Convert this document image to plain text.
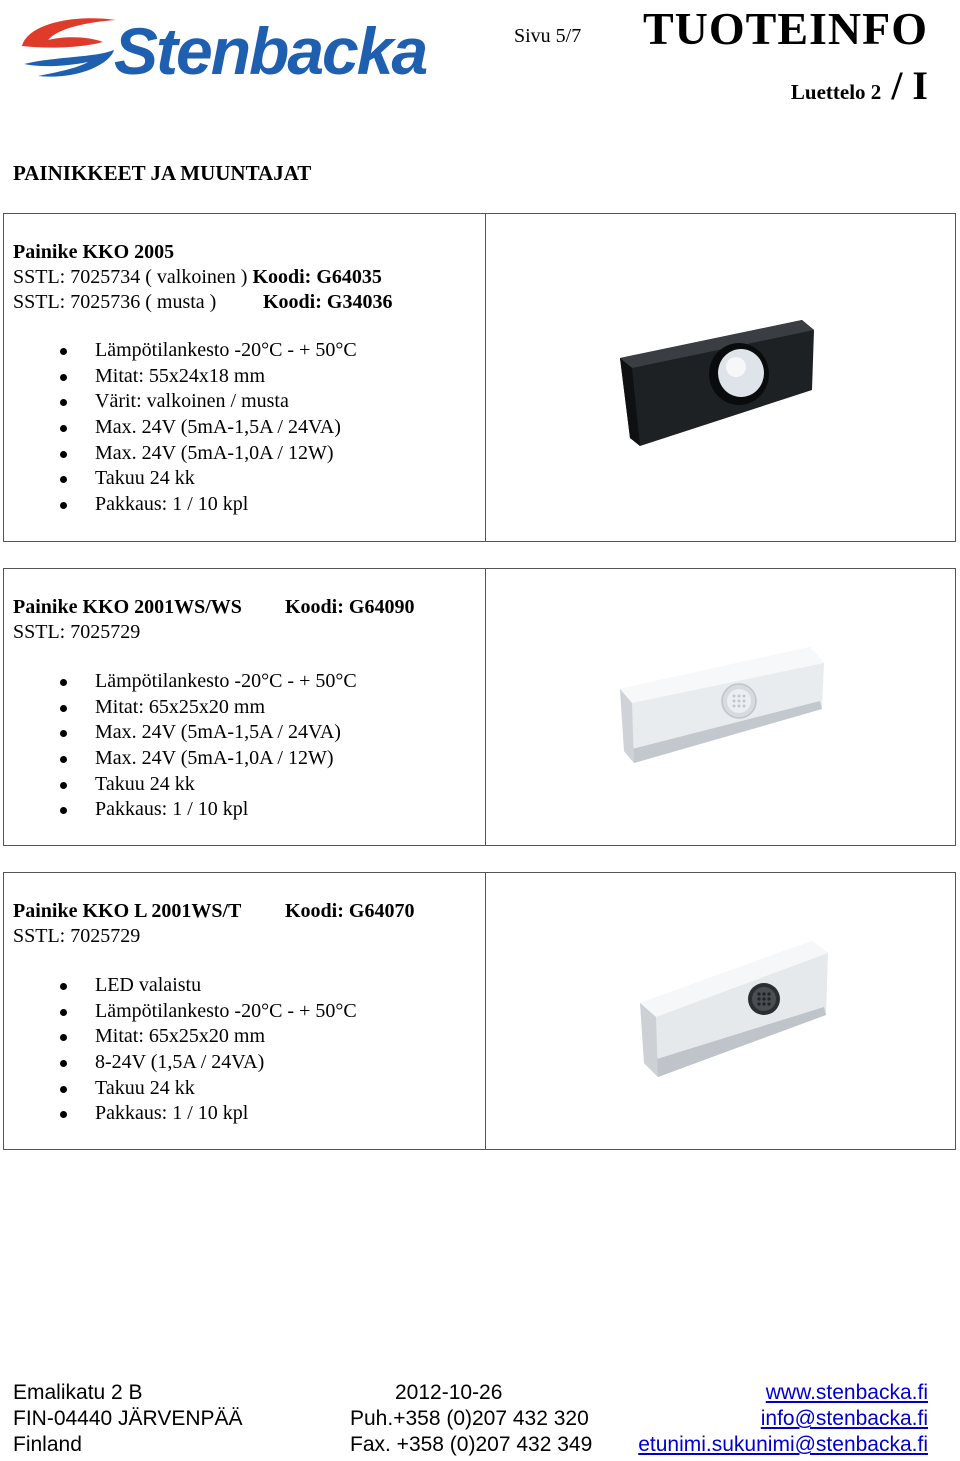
Stenbacka	Sivu 5/7 TUOTEINFO
Luettelo 2 / I
PAINIKKEET JA MUUNTAJAT
Painike KKO 2005
SSTL: 7025734 ( valkoinen ) Koodi: G64035
SSTL: 7025736 ( musta ) Koodi: G34036
Lämpötilankesto -20°C - + 50°C
Mitat: 55x24x18 mm
Värit: valkoinen / musta
Max. 24V (5mA-1,5A / 24VA)
Max. 24V (5mA-1,0A / 12W)
Takuu 24 kk
Pakkaus: 1 / 10 kpl
Painike KKO 2001WS/WS Koodi: G64090
SSTL: 7025729
Lämpötilankesto -20°C - + 50°C
Mitat: 65x25x20 mm
Max. 24V (5mA-1,5A / 24VA)
Max. 24V (5mA-1,0A / 12W)
Takuu 24 kk
Pakkaus: 1 / 10 kpl
Painike KKO L 2001WS/T Koodi: G64070
SSTL: 7025729
LED valaistu
Lämpötilankesto -20°C - + 50°C
Mitat: 65x25x20 mm
8-24V (1,5A / 24VA)
Takuu 24 kk
Pakkaus: 1 / 10 kpl
Emalikatu 2 B
FIN-04440 JÄRVENPÄÄ
Finland
2012-10-26
Puh.+358 (0)207 432 320
Fax. +358 (0)207 432 349
www.stenbacka.fi
info@stenbacka.fi
etunimi.sukunimi@stenbacka.fi
